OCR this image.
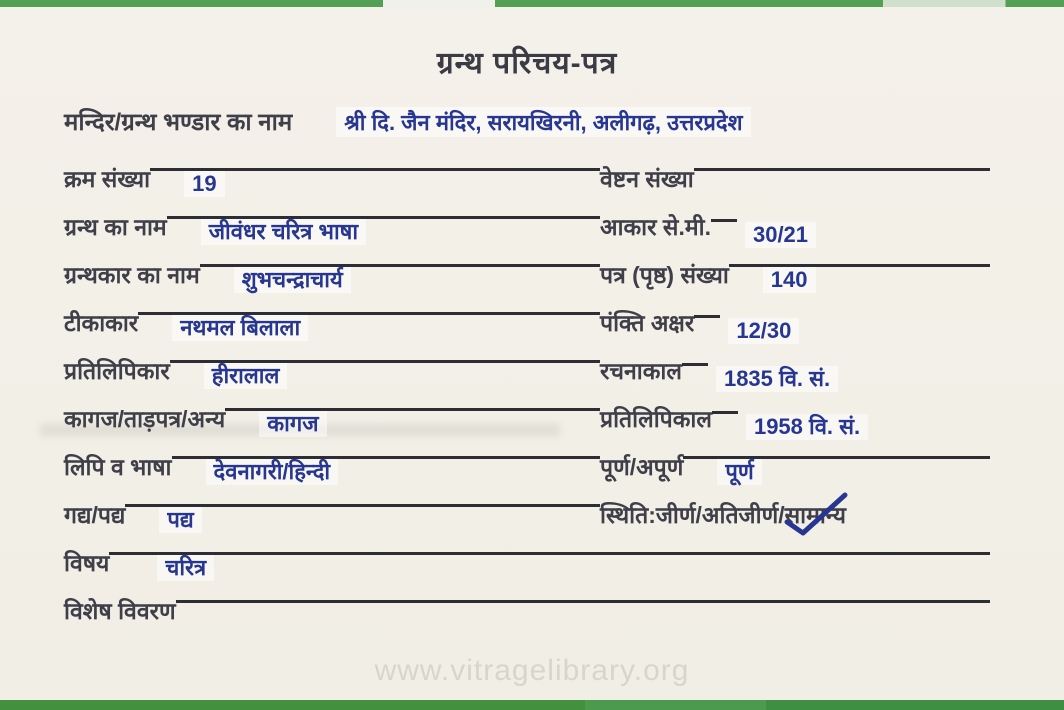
ग्रन्थ परिचय-पत्र
मन्दिर/ग्रन्थ भण्डार का नाम	श्री दि. जैन मंदिर, सरायखिरनी, अलीगढ़, उत्तरप्रदेश
क्रम संख्या	19	वेष्टन संख्या
ग्रन्थ का नाम	जीवंधर चरित्र भाषा	आकार से.मी.	30/21
ग्रन्थकार का नाम	शुभचन्द्राचार्य	पत्र (पृष्ठ) संख्या	140
टीकाकार	नथमल बिलाला	पंक्ति अक्षर	12/30
प्रतिलिपिकार	हीरालाल	रचनाकाल	1835 वि. सं.
कागज/ताड़पत्र/अन्य	कागज	प्रतिलिपिकाल	1958 वि. सं.
लिपि व भाषा	देवनागरी/हिन्दी	पूर्ण/अपूर्ण	पूर्ण
गद्य/पद्य	पद्य	स्थिति:जीर्ण/अतिजीर्ण/ सामान्य
विषय	चरित्र
विशेष विवरण
www.vitragelibrary.org
